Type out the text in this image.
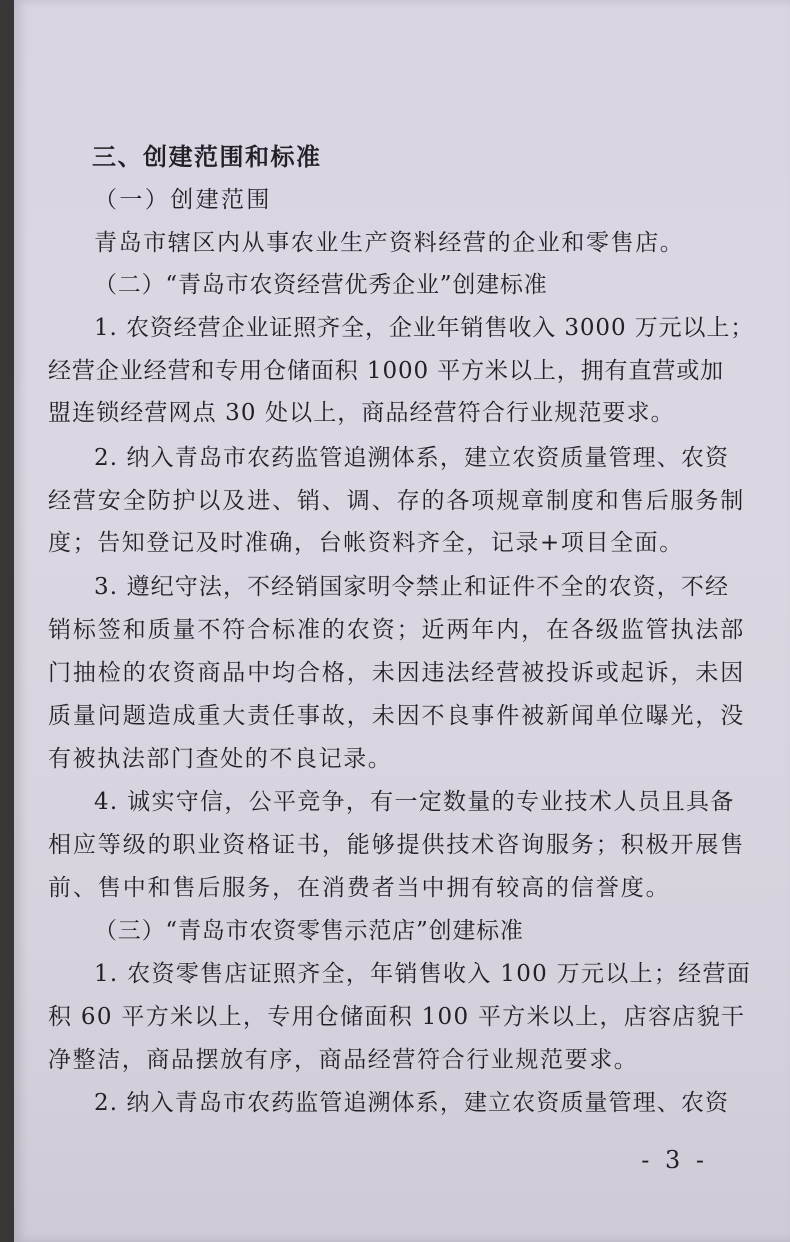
三、创建范围和标准
（一）创建范围
青岛市辖区内从事农业生产资料经营的企业和零售店。
（二）“青岛市农资经营优秀企业”创建标准
1. 农资经营企业证照齐全，企业年销售收入 3000 万元以上；
经营企业经营和专用仓储面积 1000 平方米以上，拥有直营或加
盟连锁经营网点 30 处以上，商品经营符合行业规范要求。
2. 纳入青岛市农药监管追溯体系，建立农资质量管理、农资
经营安全防护以及进、销、调、存的各项规章制度和售后服务制
度；告知登记及时准确，台帐资料齐全，记录+项目全面。
3. 遵纪守法，不经销国家明令禁止和证件不全的农资，不经
销标签和质量不符合标准的农资；近两年内，在各级监管执法部
门抽检的农资商品中均合格，未因违法经营被投诉或起诉，未因
质量问题造成重大责任事故，未因不良事件被新闻单位曝光，没
有被执法部门查处的不良记录。
4. 诚实守信，公平竞争，有一定数量的专业技术人员且具备
相应等级的职业资格证书，能够提供技术咨询服务；积极开展售
前、售中和售后服务，在消费者当中拥有较高的信誉度。
（三）“青岛市农资零售示范店”创建标准
1. 农资零售店证照齐全，年销售收入 100 万元以上；经营面
积 60 平方米以上，专用仓储面积 100 平方米以上，店容店貌干
净整洁，商品摆放有序，商品经营符合行业规范要求。
2. 纳入青岛市农药监管追溯体系，建立农资质量管理、农资
- 3 -
